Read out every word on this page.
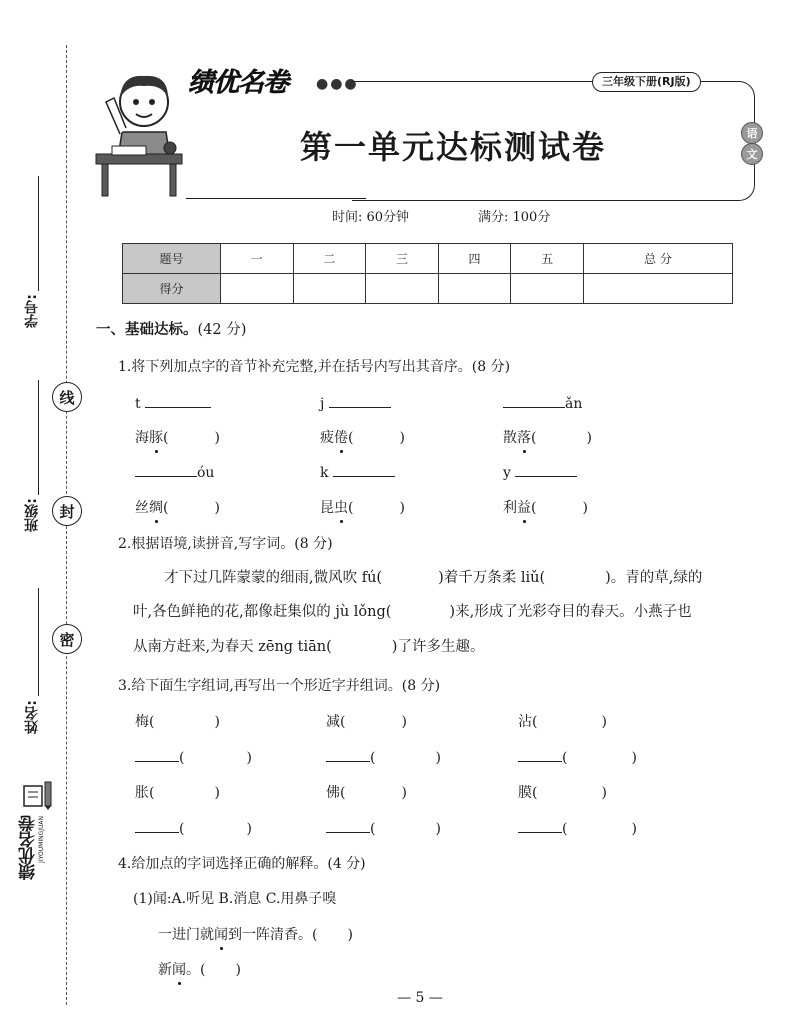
学号:
班级:
姓名:
线
封
密
绩优名卷 JIYOUMINGJUAN
绩优名卷 ●●●	三年级下册(RJ版)
第一单元达标测试卷	语
文
时间: 60分钟	满分: 100分
题号	一	二	三	四	五	总 分
得分						
一、基础达标。(42 分)
1.将下列加点字的音节补充完整,并在括号内写出其音序。(8 分)
t	j	ǎn
海豚(	)	疲倦(	)	散落(	)
óu	k	y
丝绸(	)	昆虫(	)	利益(	)
2.根据语境,读拼音,写字词。(8 分)
才下过几阵蒙蒙的细雨,微风吹 fú(	)着千万条柔 liǔ(	)。青的草,绿的
叶,各色鲜艳的花,都像赶集似的 jù lǒng(	)来,形成了光彩夺目的春天。小燕子也
从南方赶来,为春天 zēng tiān(	)了许多生趣。
3.给下面生字组词,再写出一个形近字并组词。(8 分)
梅(	)	减(	)	沾(	)
(	)	(	)	(	)
胀(	)	佛(	)	膜(	)
(	)	(	)	(	)
4.给加点的字词选择正确的解释。(4 分)
(1)闻:A.听见 B.消息 C.用鼻子嗅
一进门就闻到一阵清香。( )
新闻。( )
— 5 —
